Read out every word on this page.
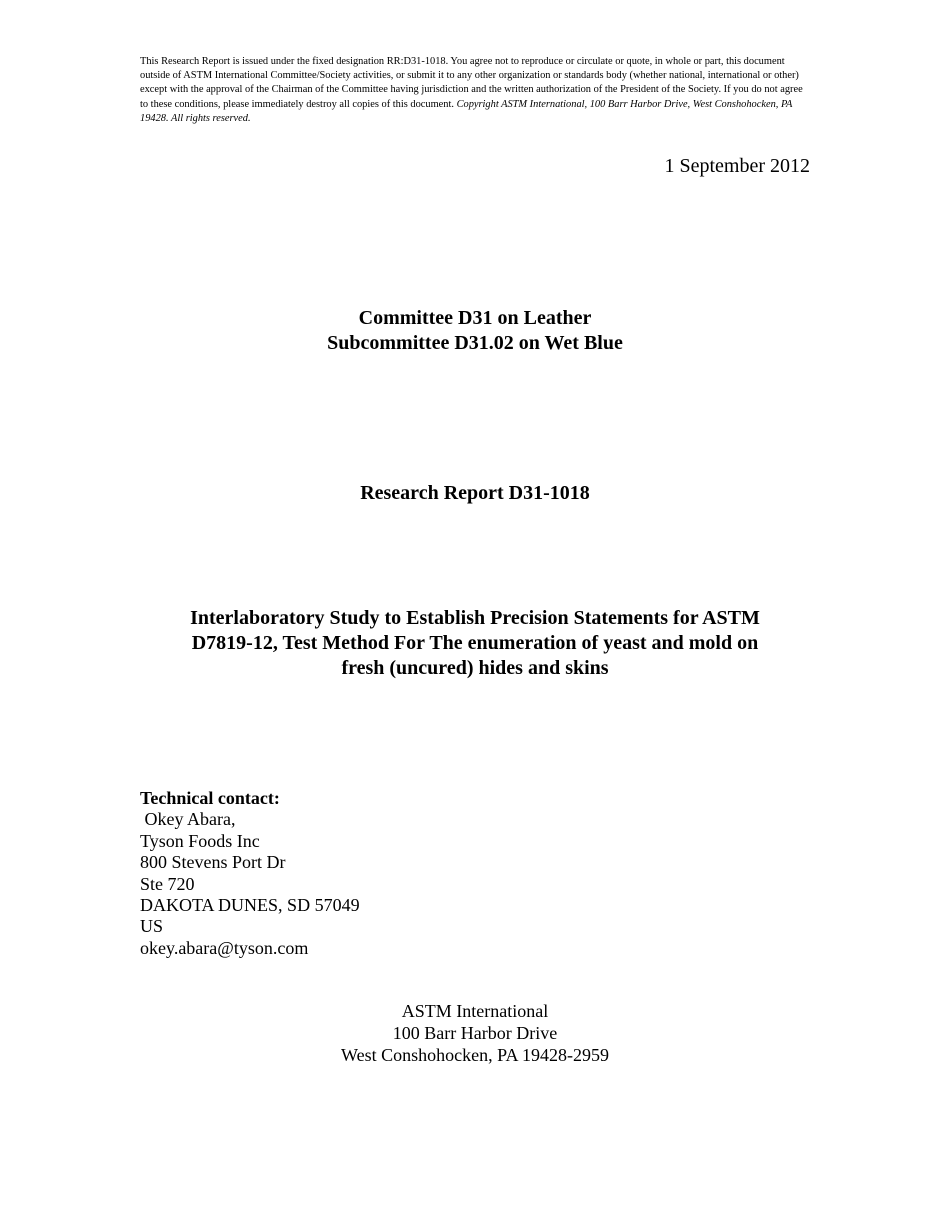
This Research Report is issued under the fixed designation RR:D31-1018. You agree not to reproduce or circulate or quote, in whole or part, this document outside of ASTM International Committee/Society activities, or submit it to any other organization or standards body (whether national, international or other) except with the approval of the Chairman of the Committee having jurisdiction and the written authorization of the President of the Society. If you do not agree to these conditions, please immediately destroy all copies of this document. Copyright ASTM International, 100 Barr Harbor Drive, West Conshohocken, PA 19428. All rights reserved.
1 September 2012
Committee D31 on Leather
Subcommittee D31.02 on Wet Blue
Research Report D31-1018
Interlaboratory Study to Establish Precision Statements for ASTM
D7819-12, Test Method For The enumeration of yeast and mold on
fresh (uncured) hides and skins
Technical contact:
Okey Abara,
Tyson Foods Inc
800 Stevens Port Dr
Ste 720
DAKOTA DUNES, SD 57049
US
okey.abara@tyson.com
ASTM International
100 Barr Harbor Drive
West Conshohocken, PA 19428-2959
